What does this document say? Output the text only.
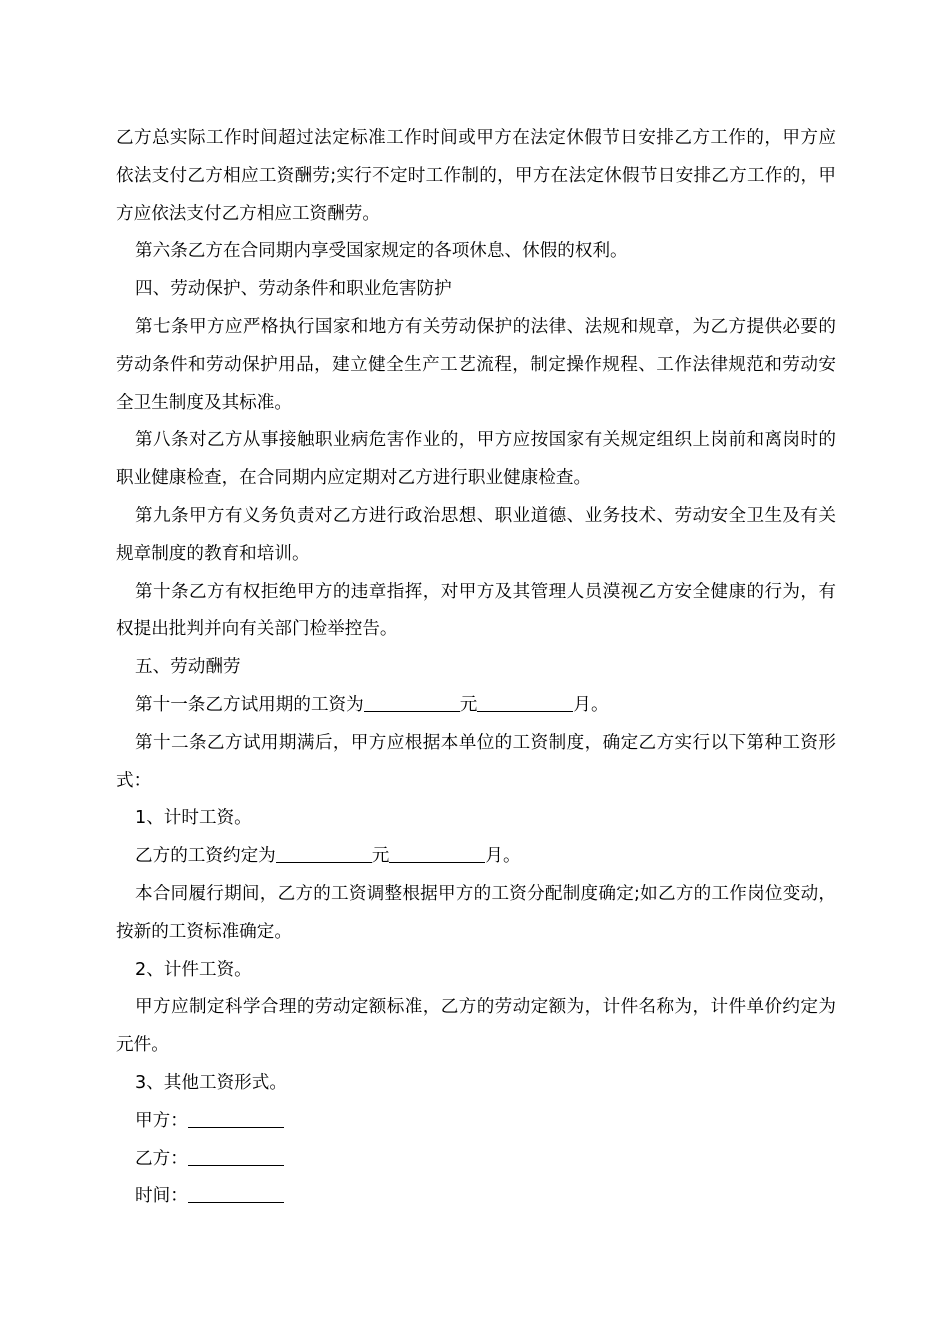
乙方总实际工作时间超过法定标准工作时间或甲方在法定休假节日安排乙方工作的，甲方应依法支付乙方相应工资酬劳;实行不定时工作制的，甲方在法定休假节日安排乙方工作的，甲方应依法支付乙方相应工资酬劳。

第六条乙方在合同期内享受国家规定的各项休息、休假的权利。

四、劳动保护、劳动条件和职业危害防护

第七条甲方应严格执行国家和地方有关劳动保护的法律、法规和规章，为乙方提供必要的劳动条件和劳动保护用品，建立健全生产工艺流程，制定操作规程、工作法律规范和劳动安全卫生制度及其标准。

第八条对乙方从事接触职业病危害作业的，甲方应按国家有关规定组织上岗前和离岗时的职业健康检查，在合同期内应定期对乙方进行职业健康检查。

第九条甲方有义务负责对乙方进行政治思想、职业道德、业务技术、劳动安全卫生及有关规章制度的教育和培训。

第十条乙方有权拒绝甲方的违章指挥，对甲方及其管理人员漠视乙方安全健康的行为，有权提出批判并向有关部门检举控告。

五、劳动酬劳

第十一条乙方试用期的工资为	元	月。

第十二条乙方试用期满后，甲方应根据本单位的工资制度，确定乙方实行以下第种工资形式：

1、计时工资。

乙方的工资约定为	元	月。

本合同履行期间，乙方的工资调整根据甲方的工资分配制度确定;如乙方的工作岗位变动，按新的工资标准确定。

2、计件工资。

甲方应制定科学合理的劳动定额标准，乙方的劳动定额为，计件名称为，计件单价约定为元件。

3、其他工资形式。

甲方：

乙方：

时间：
